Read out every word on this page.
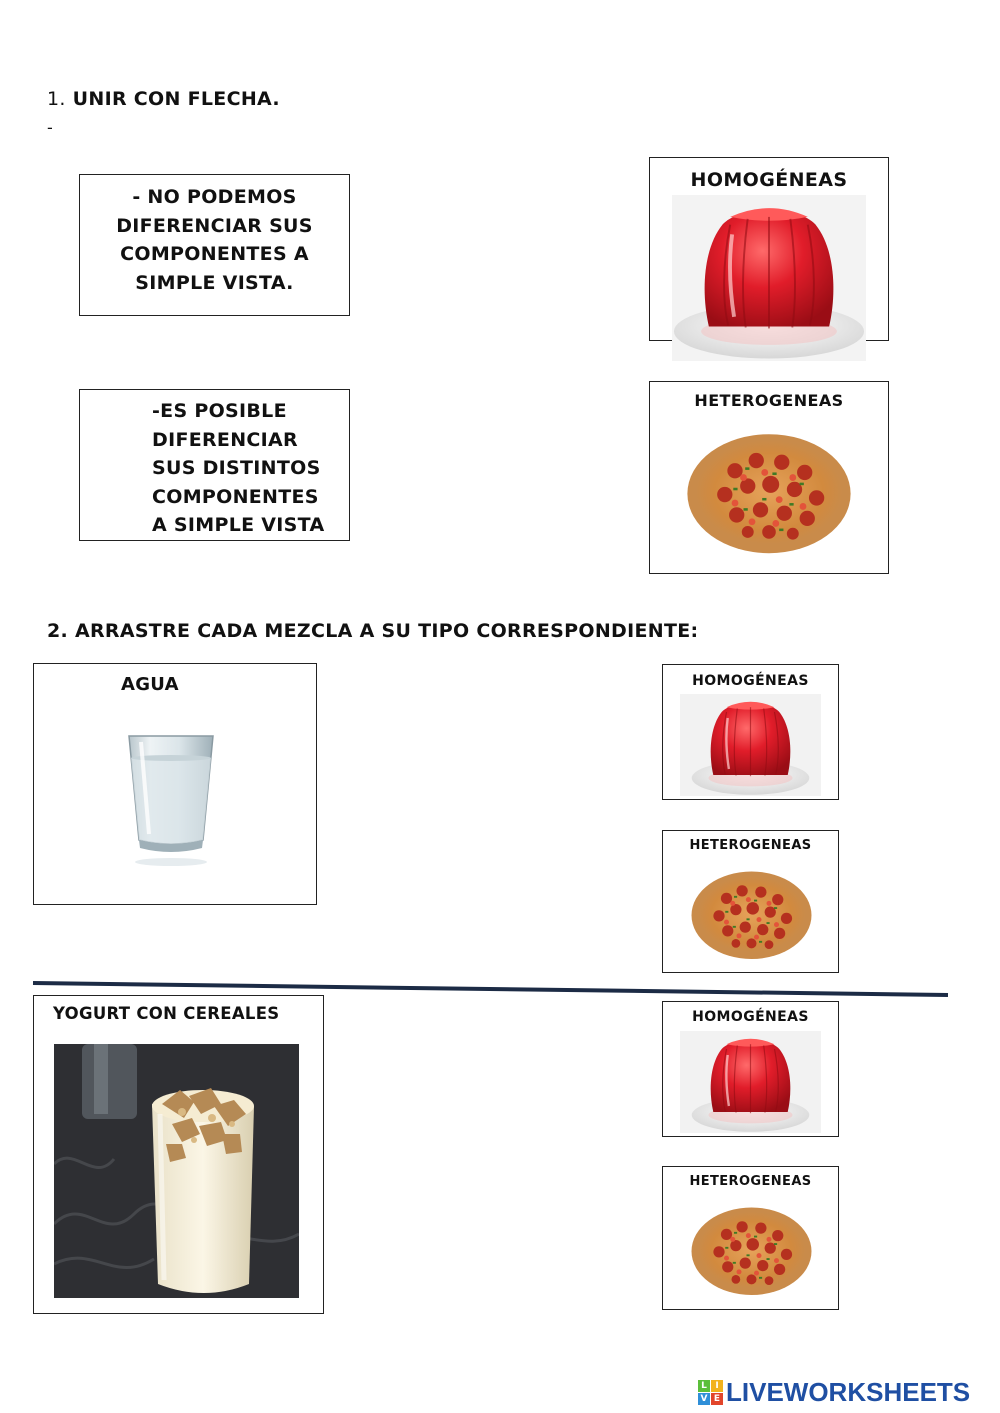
1. UNIR CON FLECHA.
-
- NO PODEMOS
DIFERENCIAR SUS
COMPONENTES A
SIMPLE VISTA.
-ES POSIBLE
DIFERENCIAR
SUS DISTINTOS
COMPONENTES
A SIMPLE VISTA
HOMOGÉNEAS
HETEROGENEAS
2. ARRASTRE CADA MEZCLA A SU TIPO CORRESPONDIENTE:
AGUA	HOMOGÉNEAS
HETEROGENEAS
YOGURT CON CEREALES	HOMOGÉNEAS
HETEROGENEAS
L I
V E LIVEWORKSHEETS
